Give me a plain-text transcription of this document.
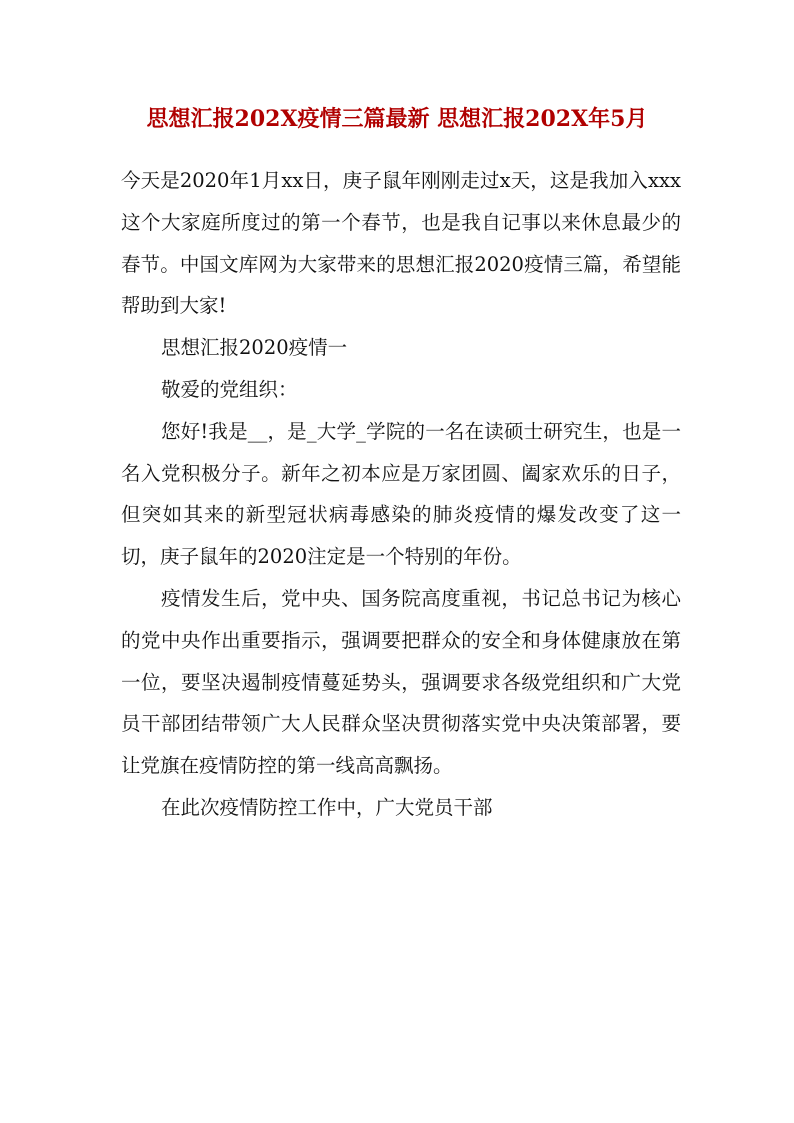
思想汇报202X疫情三篇最新 思想汇报202X年5月

今天是2020年1月xx日，庚子鼠年刚刚走过x天，这是我加入xxx这个大家庭所度过的第一个春节，也是我自记事以来休息最少的春节。中国文库网为大家带来的思想汇报2020疫情三篇，希望能帮助到大家!

思想汇报2020疫情一

敬爱的党组织：

您好!我是__，是_大学_学院的一名在读硕士研究生，也是一名入党积极分子。新年之初本应是万家团圆、阖家欢乐的日子，但突如其来的新型冠状病毒感染的肺炎疫情的爆发改变了这一切，庚子鼠年的2020注定是一个特别的年份。

疫情发生后，党中央、国务院高度重视，书记总书记为核心的党中央作出重要指示，强调要把群众的安全和身体健康放在第一位，要坚决遏制疫情蔓延势头，强调要求各级党组织和广大党员干部团结带领广大人民群众坚决贯彻落实党中央决策部署，要让党旗在疫情防控的第一线高高飘扬。

在此次疫情防控工作中，广大党员干部
